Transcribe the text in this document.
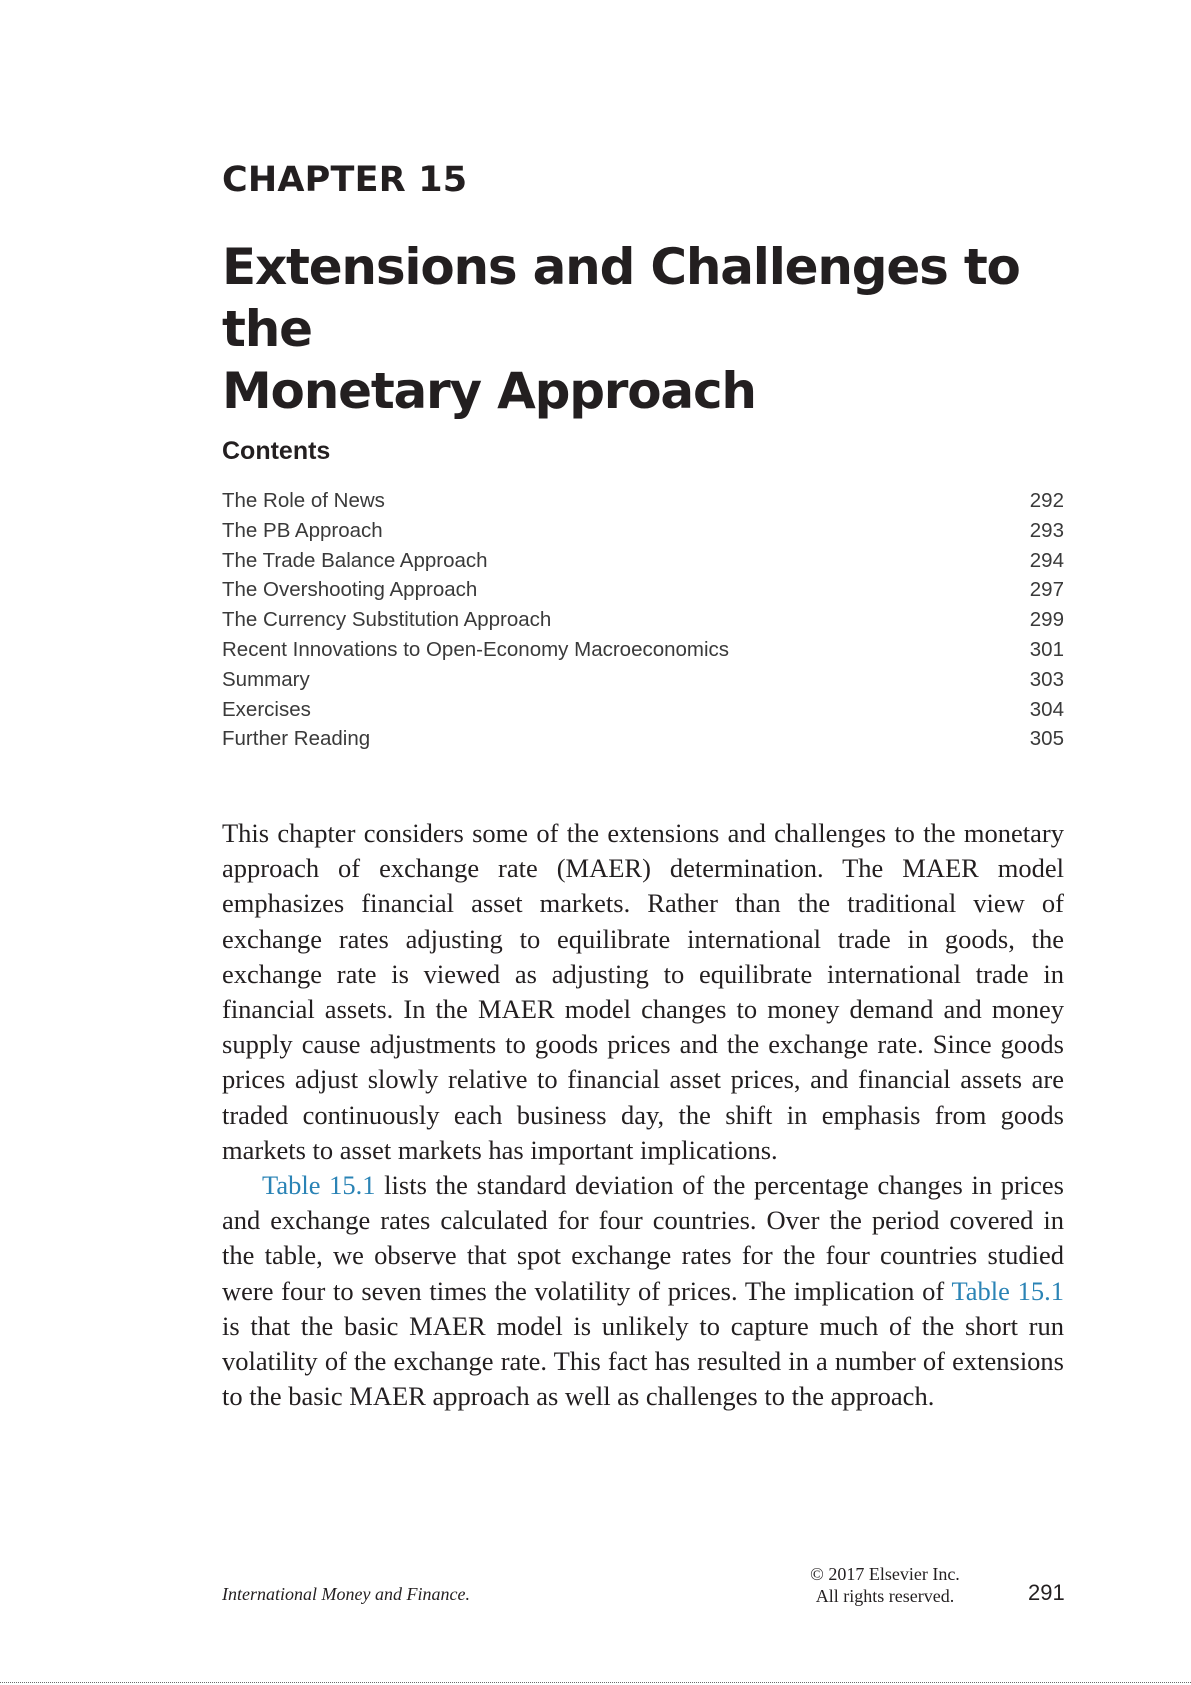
CHAPTER 15
Extensions and Challenges to the
Monetary Approach
Contents
The Role of News	292
The PB Approach	293
The Trade Balance Approach	294
The Overshooting Approach	297
The Currency Substitution Approach	299
Recent Innovations to Open-Economy Macroeconomics	301
Summary	303
Exercises	304
Further Reading	305

This chapter considers some of the extensions and challenges to the monetary approach of exchange rate (MAER) determination. The MAER model emphasizes financial asset markets. Rather than the traditional view of exchange rates adjusting to equilibrate international trade in goods, the exchange rate is viewed as adjusting to equilibrate international trade in financial assets. In the MAER model changes to money demand and money supply cause adjustments to goods prices and the exchange rate. Since goods prices adjust slowly relative to financial asset prices, and financial assets are traded continuously each business day, the shift in emphasis from goods markets to asset markets has important implications.

Table 15.1 lists the standard deviation of the percentage changes in prices and exchange rates calculated for four countries. Over the period covered in the table, we observe that spot exchange rates for the four countries studied were four to seven times the volatility of prices. The implication of Table 15.1 is that the basic MAER model is unlikely to capture much of the short run volatility of the exchange rate. This fact has resulted in a number of extensions to the basic MAER approach as well as challenges to the approach.

International Money and Finance.
© 2017 Elsevier Inc.
All rights reserved.	291
